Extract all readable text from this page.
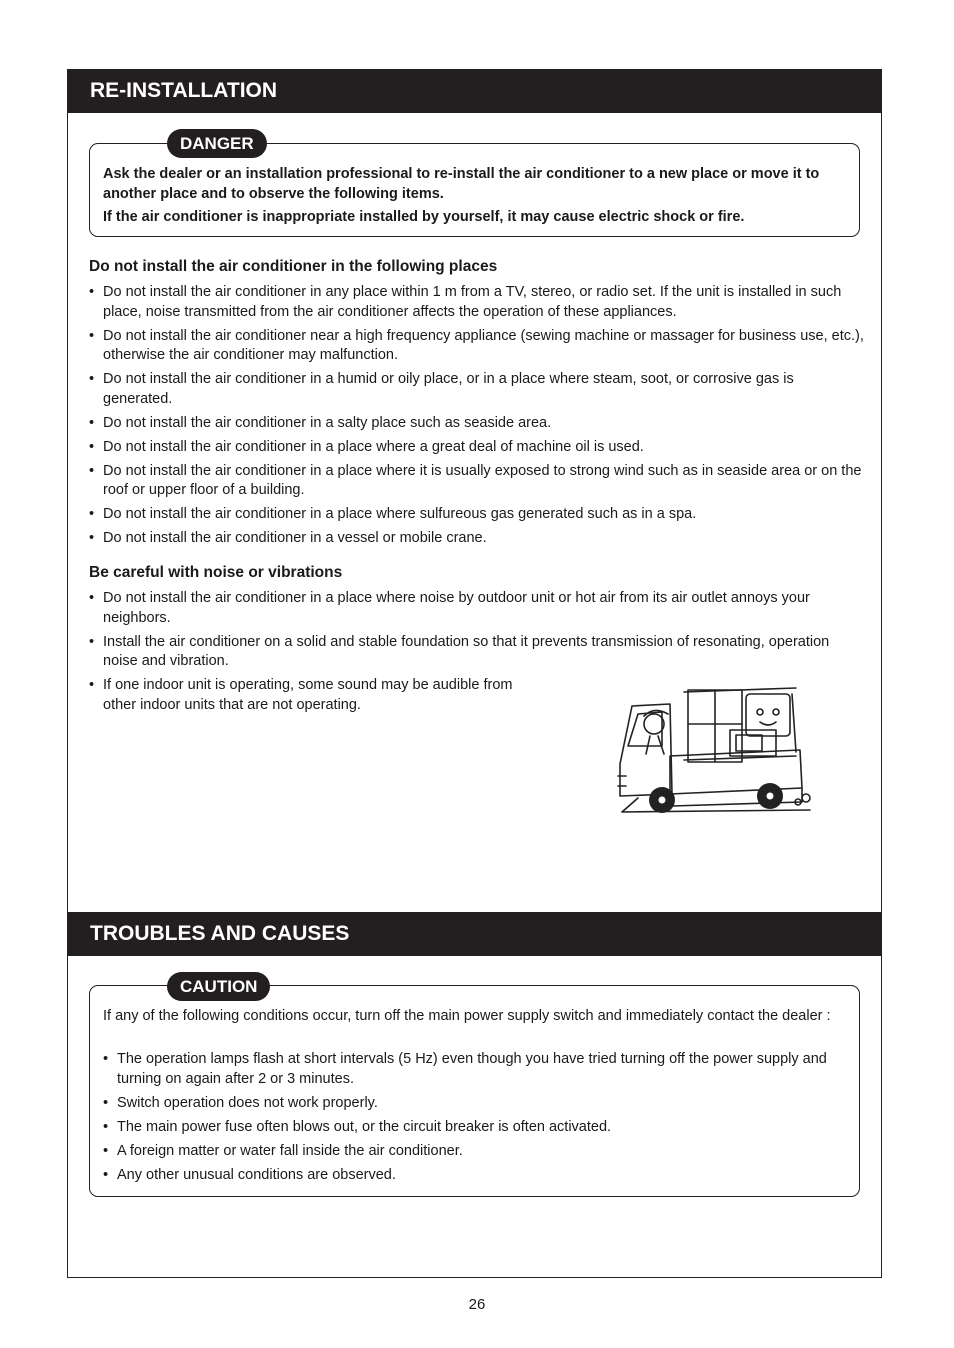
RE-INSTALLATION

Ask the dealer or an installation professional to re-install the air conditioner to a new place or move it to another place and to observe the following items.

If the air conditioner is inappropriate installed by yourself, it may cause electric shock or fire.

DANGER
Do not install the air conditioner in the following places
• Do not install the air conditioner in any place within 1 m from a TV, stereo, or radio set. If the unit is installed in such place, noise transmitted from the air conditioner affects the operation of these appliances.
• Do not install the air conditioner near a high frequency appliance (sewing machine or massager for business use, etc.), otherwise the air conditioner may malfunction.
• Do not install the air conditioner in a humid or oily place, or in a place where steam, soot, or corrosive gas is generated.
• Do not install the air conditioner in a salty place such as seaside area.
• Do not install the air conditioner in a place where a great deal of machine oil is used.
• Do not install the air conditioner in a place where it is usually exposed to strong wind such as in seaside area or on the roof or upper floor of a building.
• Do not install the air conditioner in a place where sulfureous gas generated such as in a spa.
• Do not install the air conditioner in a vessel or mobile crane.
Be careful with noise or vibrations
• Do not install the air conditioner in a place where noise by outdoor unit or hot air from its air outlet annoys your neighbors.
• Install the air conditioner on a solid and stable foundation so that it prevents transmission of resonating, operation noise and vibration.
• If one indoor unit is operating, some sound may be audible from other indoor units that are not operating.
TROUBLES AND CAUSES

If any of the following conditions occur, turn off the main power supply switch and immediately contact the dealer :

• The operation lamps flash at short intervals (5 Hz) even though you have tried turning off the power supply and turning on again after 2 or 3 minutes.
• Switch operation does not work properly.
• The main power fuse often blows out, or the circuit breaker is often activated.
• A foreign matter or water fall inside the air conditioner.
• Any other unusual conditions are observed.
CAUTION
26
